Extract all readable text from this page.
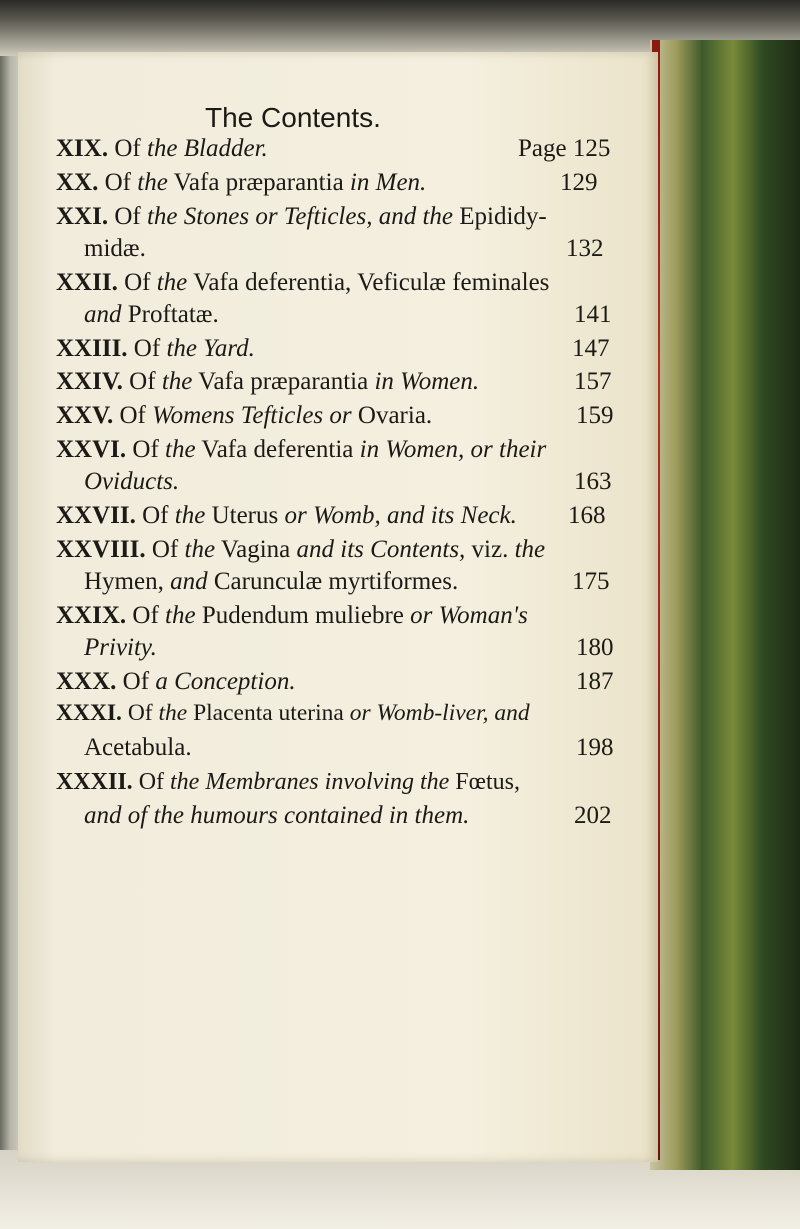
The Contents.
XIX. Of the Bladder.	Page 125
XX. Of the Vafa præparantia in Men.	129
XXI. Of the Stones or Tefticles, and the Epididy-
midæ.	132
XXII. Of the Vafa deferentia, Veficulæ feminales
and Proftatæ.	141
XXIII. Of the Yard.	147
XXIV. Of the Vafa præparantia in Women.	157
XXV. Of Womens Tefticles or Ovaria.	159
XXVI. Of the Vafa deferentia in Women, or their
Oviducts.	163
XXVII. Of the Uterus or Womb, and its Neck. 168
XXVIII. Of the Vagina and its Contents, viz. the
Hymen, and Carunculæ myrtiformes.	175
XXIX. Of the Pudendum muliebre or Woman's
Privity.	180
XXX. Of a Conception.	187
XXXI. Of the Placenta uterina or Womb-liver, and
Acetabula.	198
XXXII. Of the Membranes involving the Fœtus,
and of the humours contained in them.	202
